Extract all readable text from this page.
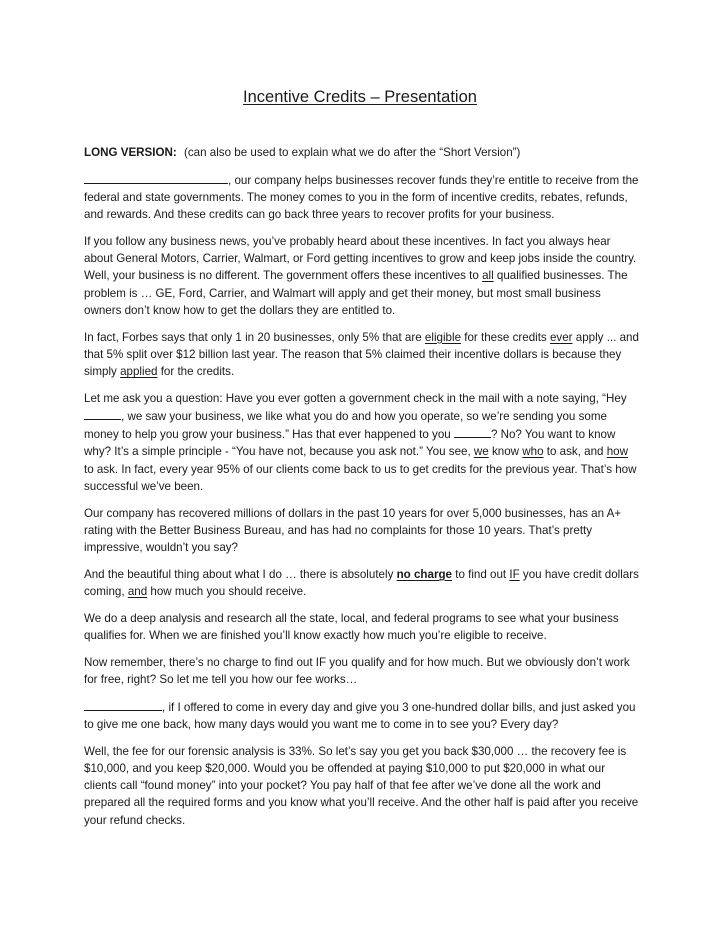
Incentive Credits – Presentation

LONG VERSION: (can also be used to explain what we do after the “Short Version”)

, our company helps businesses recover funds they’re entitle to receive from the federal and state governments. The money comes to you in the form of incentive credits, rebates, refunds, and rewards. And these credits can go back three years to recover profits for your business.

If you follow any business news, you’ve probably heard about these incentives. In fact you always hear about General Motors, Carrier, Walmart, or Ford getting incentives to grow and keep jobs inside the country. Well, your business is no different. The government offers these incentives to all qualified businesses. The problem is … GE, Ford, Carrier, and Walmart will apply and get their money, but most small business owners don’t know how to get the dollars they are entitled to.

In fact, Forbes says that only 1 in 20 businesses, only 5% that are eligible for these credits ever apply ... and that 5% split over $12 billion last year. The reason that 5% claimed their incentive dollars is because they simply applied for the credits.

Let me ask you a question: Have you ever gotten a government check in the mail with a note saying, “Hey , we saw your business, we like what you do and how you operate, so we’re sending you some money to help you grow your business.” Has that ever happened to you	? No? You want to know why? It’s a simple principle - “You have not, because you ask not.” You see, we know who to ask, and how to ask. In fact, every year 95% of our clients come back to us to get credits for the previous year. That’s how successful we’ve been.

Our company has recovered millions of dollars in the past 10 years for over 5,000 businesses, has an A+ rating with the Better Business Bureau, and has had no complaints for those 10 years. That’s pretty impressive, wouldn’t you say?

And the beautiful thing about what I do … there is absolutely no charge to find out IF you have credit dollars coming, and how much you should receive.

We do a deep analysis and research all the state, local, and federal programs to see what your business qualifies for. When we are finished you’ll know exactly how much you’re eligible to receive.

Now remember, there’s no charge to find out IF you qualify and for how much. But we obviously don’t work for free, right? So let me tell you how our fee works…

, if I offered to come in every day and give you 3 one-hundred dollar bills, and just asked you to give me one back, how many days would you want me to come in to see you? Every day?

Well, the fee for our forensic analysis is 33%. So let’s say you get you back $30,000 … the recovery fee is $10,000, and you keep $20,000. Would you be offended at paying $10,000 to put $20,000 in what our clients call “found money” into your pocket? You pay half of that fee after we’ve done all the work and prepared all the required forms and you know what you’ll receive. And the other half is paid after you receive your refund checks.
